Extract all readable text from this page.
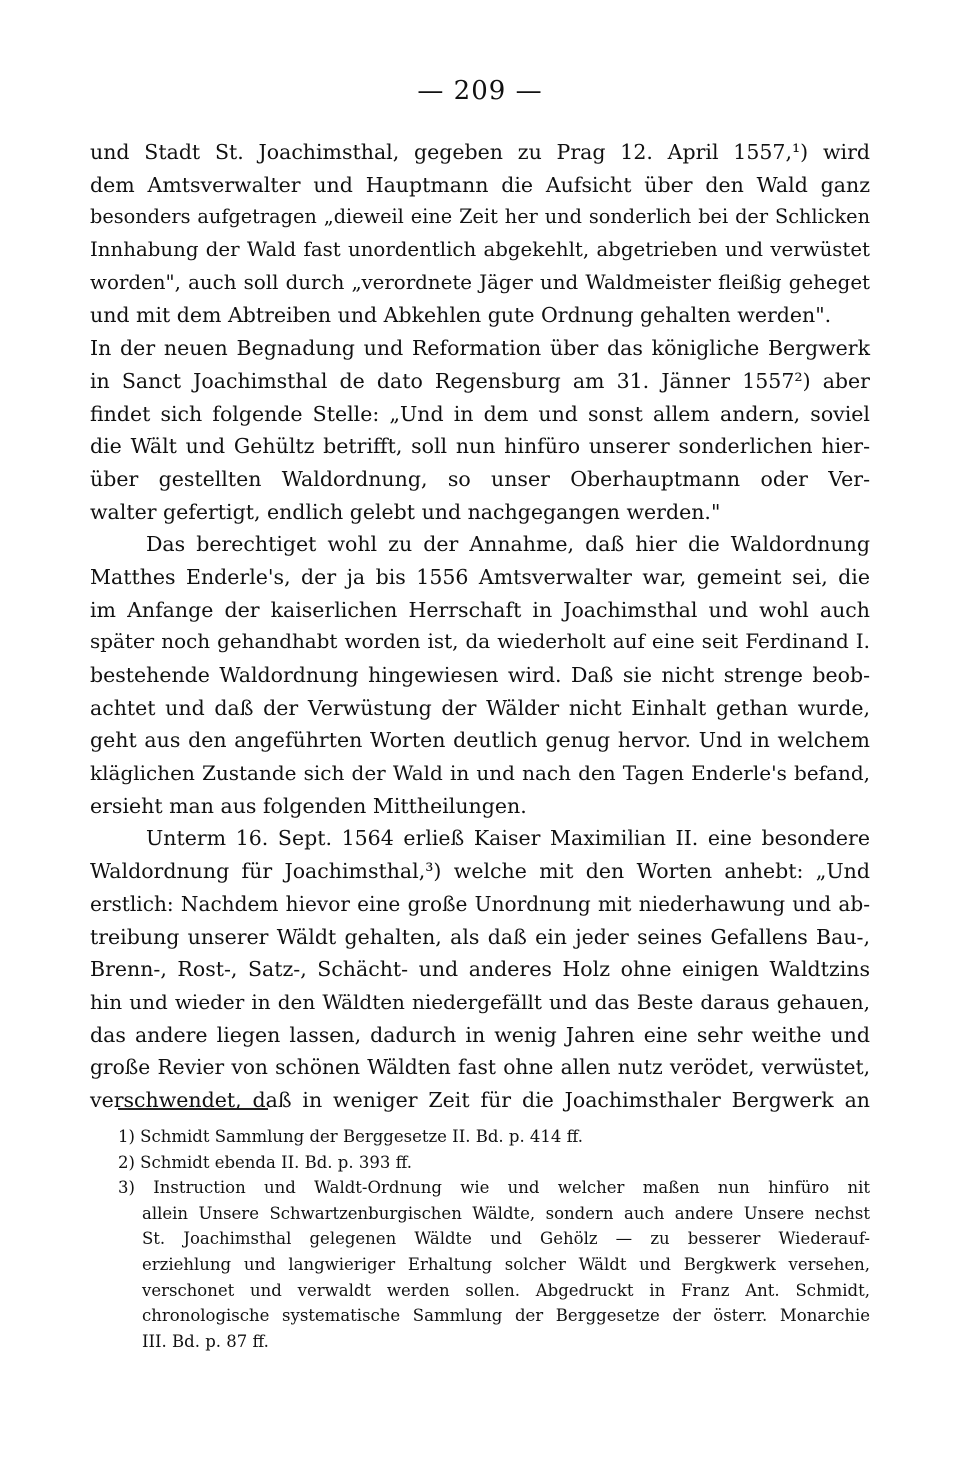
— 209 —
und Stadt St. Joachimsthal, gegeben zu Prag 12. April 1557,¹) wird
dem Amtsverwalter und Hauptmann die Aufsicht über den Wald ganz
besonders aufgetragen „dieweil eine Zeit her und sonderlich bei der Schlicken
Innhabung der Wald fast unordentlich abgekehlt, abgetrieben und verwüstet
worden", auch soll durch „verordnete Jäger und Waldmeister fleißig geheget
und mit dem Abtreiben und Abkehlen gute Ordnung gehalten werden".
In der neuen Begnadung und Reformation über das königliche Bergwerk
in Sanct Joachimsthal de dato Regensburg am 31. Jänner 1557²) aber
findet sich folgende Stelle: „Und in dem und sonst allem andern, soviel
die Wält und Gehültz betrifft, soll nun hinfüro unserer sonderlichen hier-
über gestellten Waldordnung, so unser Oberhauptmann oder Ver-
walter gefertigt, endlich gelebt und nachgegangen werden."
Das berechtiget wohl zu der Annahme, daß hier die Waldordnung
Matthes Enderle's, der ja bis 1556 Amtsverwalter war, gemeint sei, die
im Anfange der kaiserlichen Herrschaft in Joachimsthal und wohl auch
später noch gehandhabt worden ist, da wiederholt auf eine seit Ferdinand I.
bestehende Waldordnung hingewiesen wird. Daß sie nicht strenge beob-
achtet und daß der Verwüstung der Wälder nicht Einhalt gethan wurde,
geht aus den angeführten Worten deutlich genug hervor. Und in welchem
kläglichen Zustande sich der Wald in und nach den Tagen Enderle's befand,
ersieht man aus folgenden Mittheilungen.
Unterm 16. Sept. 1564 erließ Kaiser Maximilian II. eine besondere
Waldordnung für Joachimsthal,³) welche mit den Worten anhebt: „Und
erstlich: Nachdem hievor eine große Unordnung mit niederhawung und ab-
treibung unserer Wäldt gehalten, als daß ein jeder seines Gefallens Bau-,
Brenn-, Rost-, Satz-, Schächt- und anderes Holz ohne einigen Waldtzins
hin und wieder in den Wäldten niedergefällt und das Beste daraus gehauen,
das andere liegen lassen, dadurch in wenig Jahren eine sehr weithe und
große Revier von schönen Wäldten fast ohne allen nutz verödet, verwüstet,
verschwendet, daß in weniger Zeit für die Joachimsthaler Bergwerk an
1) Schmidt Sammlung der Berggesetze II. Bd. p. 414 ff.
2) Schmidt ebenda II. Bd. p. 393 ff.
3) Instruction und Waldt-Ordnung wie und welcher maßen nun hinfüro nit
allein Unsere Schwartzenburgischen Wäldte, sondern auch andere Unsere nechst
St. Joachimsthal gelegenen Wäldte und Gehölz — zu besserer Wiederauf-
erziehlung und langwieriger Erhaltung solcher Wäldt und Bergkwerk versehen,
verschonet und verwaldt werden sollen. Abgedruckt in Franz Ant. Schmidt,
chronologische systematische Sammlung der Berggesetze der österr. Monarchie
III. Bd. p. 87 ff.
